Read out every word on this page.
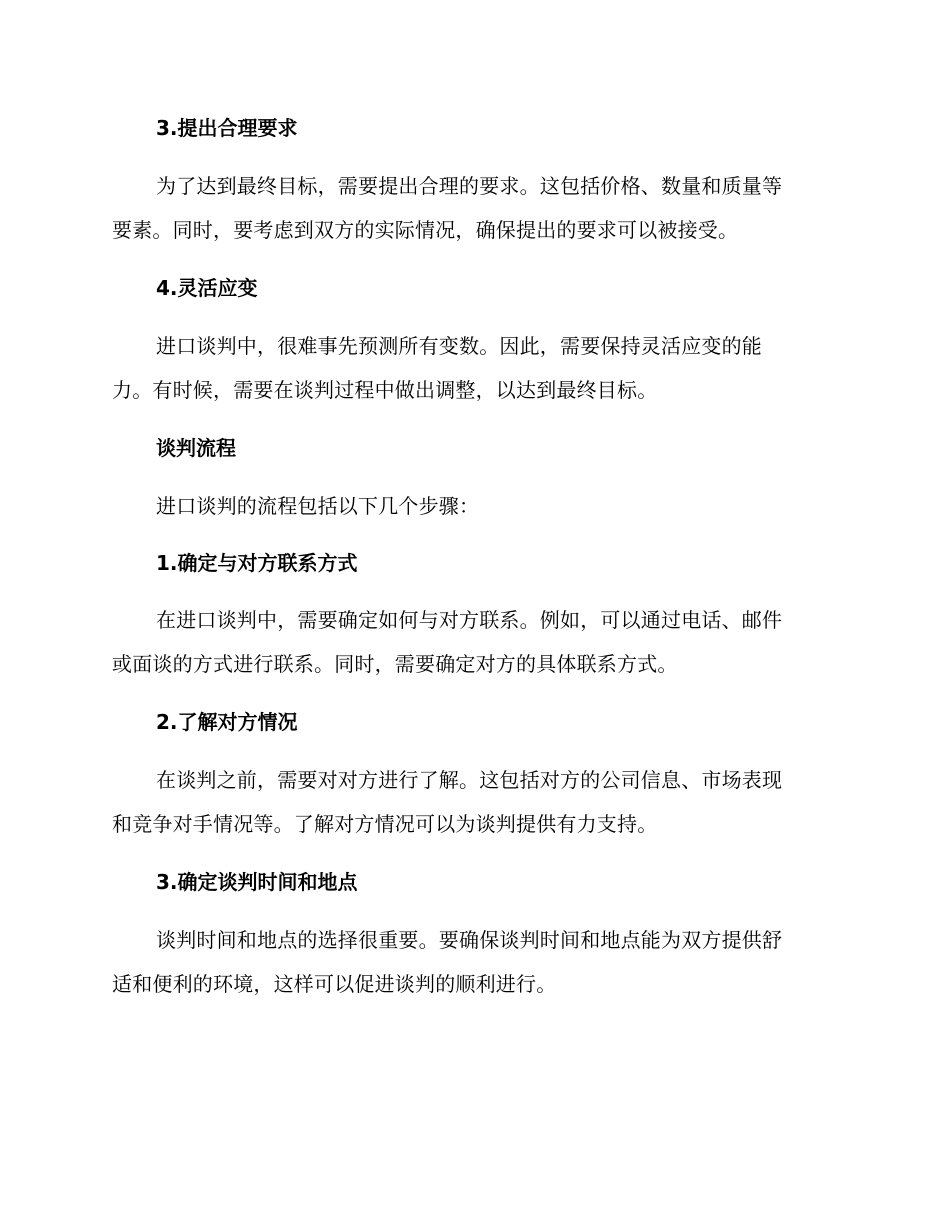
3.提出合理要求

为了达到最终目标，需要提出合理的要求。这包括价格、数量和质量等
要素。同时，要考虑到双方的实际情况，确保提出的要求可以被接受。

4.灵活应变

进口谈判中，很难事先预测所有变数。因此，需要保持灵活应变的能
力。有时候，需要在谈判过程中做出调整，以达到最终目标。

谈判流程

进口谈判的流程包括以下几个步骤：

1.确定与对方联系方式

在进口谈判中，需要确定如何与对方联系。例如，可以通过电话、邮件
或面谈的方式进行联系。同时，需要确定对方的具体联系方式。

2.了解对方情况

在谈判之前，需要对对方进行了解。这包括对方的公司信息、市场表现
和竞争对手情况等。了解对方情况可以为谈判提供有力支持。

3.确定谈判时间和地点

谈判时间和地点的选择很重要。要确保谈判时间和地点能为双方提供舒
适和便利的环境，这样可以促进谈判的顺利进行。
